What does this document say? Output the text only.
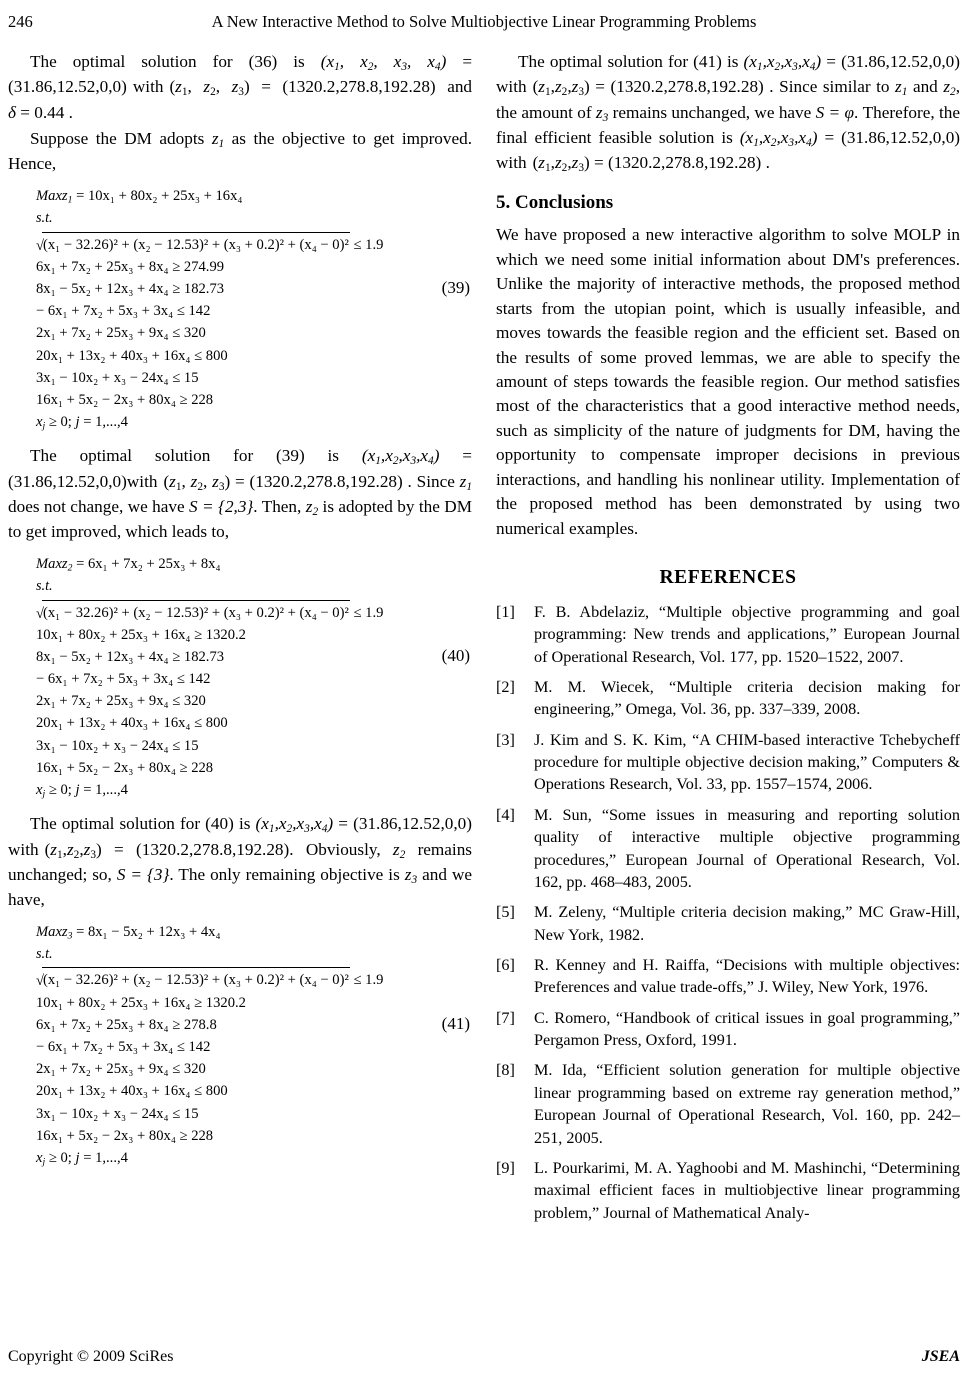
246	A New Interactive Method to Solve Multiobjective Linear Programming Problems

The optimal solution for (36) is ($x_1$, $x_2$, $x_3$, $x_4) = (31.86,12.52,0,0)$ with ($z_1$, $z_2$, $z_3) = (1320.2,278.8,192.28)$ and δ = 0.44 .

Suppose the DM adopts $z_1$ as the objective to get improved. Hence,

Maxz$_1$ = 10x₁ + 80x₂ + 25x₃ + 16x₄
s.t.
√(x₁ − 32.26)² + (x₂ − 12.53)² + (x₃ + 0.2)² + (x₄ − 0)² ≤ 1.9
6x₁ + 7x₂ + 25x₃ + 8x₄ ≥ 274.99
8x₁ − 5x₂ + 12x₃ + 4x₄ ≥ 182.73
− 6x₁ + 7x₂ + 5x₃ + 3x₄ ≤ 142
2x₁ + 7x₂ + 25x₃ + 9x₄ ≤ 320
20x₁ + 13x₂ + 40x₃ + 16x₄ ≤ 800
3x₁ − 10x₂ + x₃ − 24x₄ ≤ 15
16x₁ + 5x₂ − 2x₃ + 80x₄ ≥ 228
$x_j \ge 0$; j = 1,...,4
(39)

The optimal solution for (39) is $(x_1,x_2,x_3,x_4)$ = (31.86,12.52,0,0)with ($z_1$, $z_2$, $z_3) = (1320.2,278.8,192.28)$ . Since $z_1$ does not change, we have S = {2,3}. Then, $z_2$ is adopted by the DM to get improved, which leads to,

Maxz$_2$ = 6x₁ + 7x₂ + 25x₃ + 8x₄
s.t.
√(x₁ − 32.26)² + (x₂ − 12.53)² + (x₃ + 0.2)² + (x₄ − 0)² ≤ 1.9
10x₁ + 80x₂ + 25x₃ + 16x₄ ≥ 1320.2
8x₁ − 5x₂ + 12x₃ + 4x₄ ≥ 182.73
− 6x₁ + 7x₂ + 5x₃ + 3x₄ ≤ 142
2x₁ + 7x₂ + 25x₃ + 9x₄ ≤ 320
20x₁ + 13x₂ + 40x₃ + 16x₄ ≤ 800
3x₁ − 10x₂ + x₃ − 24x₄ ≤ 15
16x₁ + 5x₂ − 2x₃ + 80x₄ ≥ 228
$x_j \ge 0$; j = 1,...,4
(40)

The optimal solution for (40) is $(x_1,x_2,x_3,x_4) = (31.86,12.52,0,0)$ with $(z_1,z_2,z_3) = (1320.2,278.8,192.28)$. Obviously, $z_2$ remains unchanged; so, S = {3}. The only remaining objective is $z_3$ and we have,

Maxz$_3$ = 8x₁ − 5x₂ + 12x₃ + 4x₄
s.t.
√(x₁ − 32.26)² + (x₂ − 12.53)² + (x₃ + 0.2)² + (x₄ − 0)² ≤ 1.9
10x₁ + 80x₂ + 25x₃ + 16x₄ ≥ 1320.2
6x₁ + 7x₂ + 25x₃ + 8x₄ ≥ 278.8
− 6x₁ + 7x₂ + 5x₃ + 3x₄ ≤ 142
2x₁ + 7x₂ + 25x₃ + 9x₄ ≤ 320
20x₁ + 13x₂ + 40x₃ + 16x₄ ≤ 800
3x₁ − 10x₂ + x₃ − 24x₄ ≤ 15
16x₁ + 5x₂ − 2x₃ + 80x₄ ≥ 228
$x_j \ge 0$; j = 1,...,4
(41)

The optimal solution for (41) is $(x_1,x_2,x_3,x_4) = (31.86,12.52,0,0)$ with $(z_1,z_2,z_3) = (1320.2,278.8,192.28)$ . Since similar to $z_1$ and $z_2$, the amount of $z_3$ remains unchanged, we have S = φ. Therefore, the final efficient feasible solution is $(x_1,x_2,x_3,x_4) = (31.86,12.52,0,0)$ with $(z_1,z_2,z_3) = (1320.2,278.8,192.28)$ .

5. Conclusions

We have proposed a new interactive algorithm to solve MOLP in which we need some initial information about DM's preferences. Unlike the majority of interactive methods, the proposed method starts from the utopian point, which is usually infeasible, and moves towards the feasible region and the efficient set. Based on the results of some proved lemmas, we are able to specify the amount of steps towards the feasible region. Our method satisfies most of the characteristics that a good interactive method needs, such as simplicity of the nature of judgments for DM, having the opportunity to compensate improper decisions in previous interactions, and handling his nonlinear utility. Implementation of the proposed method has been demonstrated by using two numerical examples.

REFERENCES
[1]	F. B. Abdelaziz, “Multiple objective programming and goal programming: New trends and applications,” European Journal of Operational Research, Vol. 177, pp. 1520–1522, 2007.
[2]	M. M. Wiecek, “Multiple criteria decision making for engineering,” Omega, Vol. 36, pp. 337–339, 2008.
[3]	J. Kim and S. K. Kim, “A CHIM-based interactive Tchebycheff procedure for multiple objective decision making,” Computers & Operations Research, Vol. 33, pp. 1557–1574, 2006.
[4]	M. Sun, “Some issues in measuring and reporting solution quality of interactive multiple objective programming procedures,” European Journal of Operational Research, Vol. 162, pp. 468–483, 2005.
[5]	M. Zeleny, “Multiple criteria decision making,” MC Graw-Hill, New York, 1982.
[6]	R. Kenney and H. Raiffa, “Decisions with multiple objectives: Preferences and value trade-offs,” J. Wiley, New York, 1976.
[7]	C. Romero, “Handbook of critical issues in goal programming,” Pergamon Press, Oxford, 1991.
[8]	M. Ida, “Efficient solution generation for multiple objective linear programming based on extreme ray generation method,” European Journal of Operational Research, Vol. 160, pp. 242–251, 2005.
[9]	L. Pourkarimi, M. A. Yaghoobi and M. Mashinchi, “Determining maximal efficient faces in multiobjective linear programming problem,” Journal of Mathematical Analy-
Copyright © 2009 SciRes	JSEA
